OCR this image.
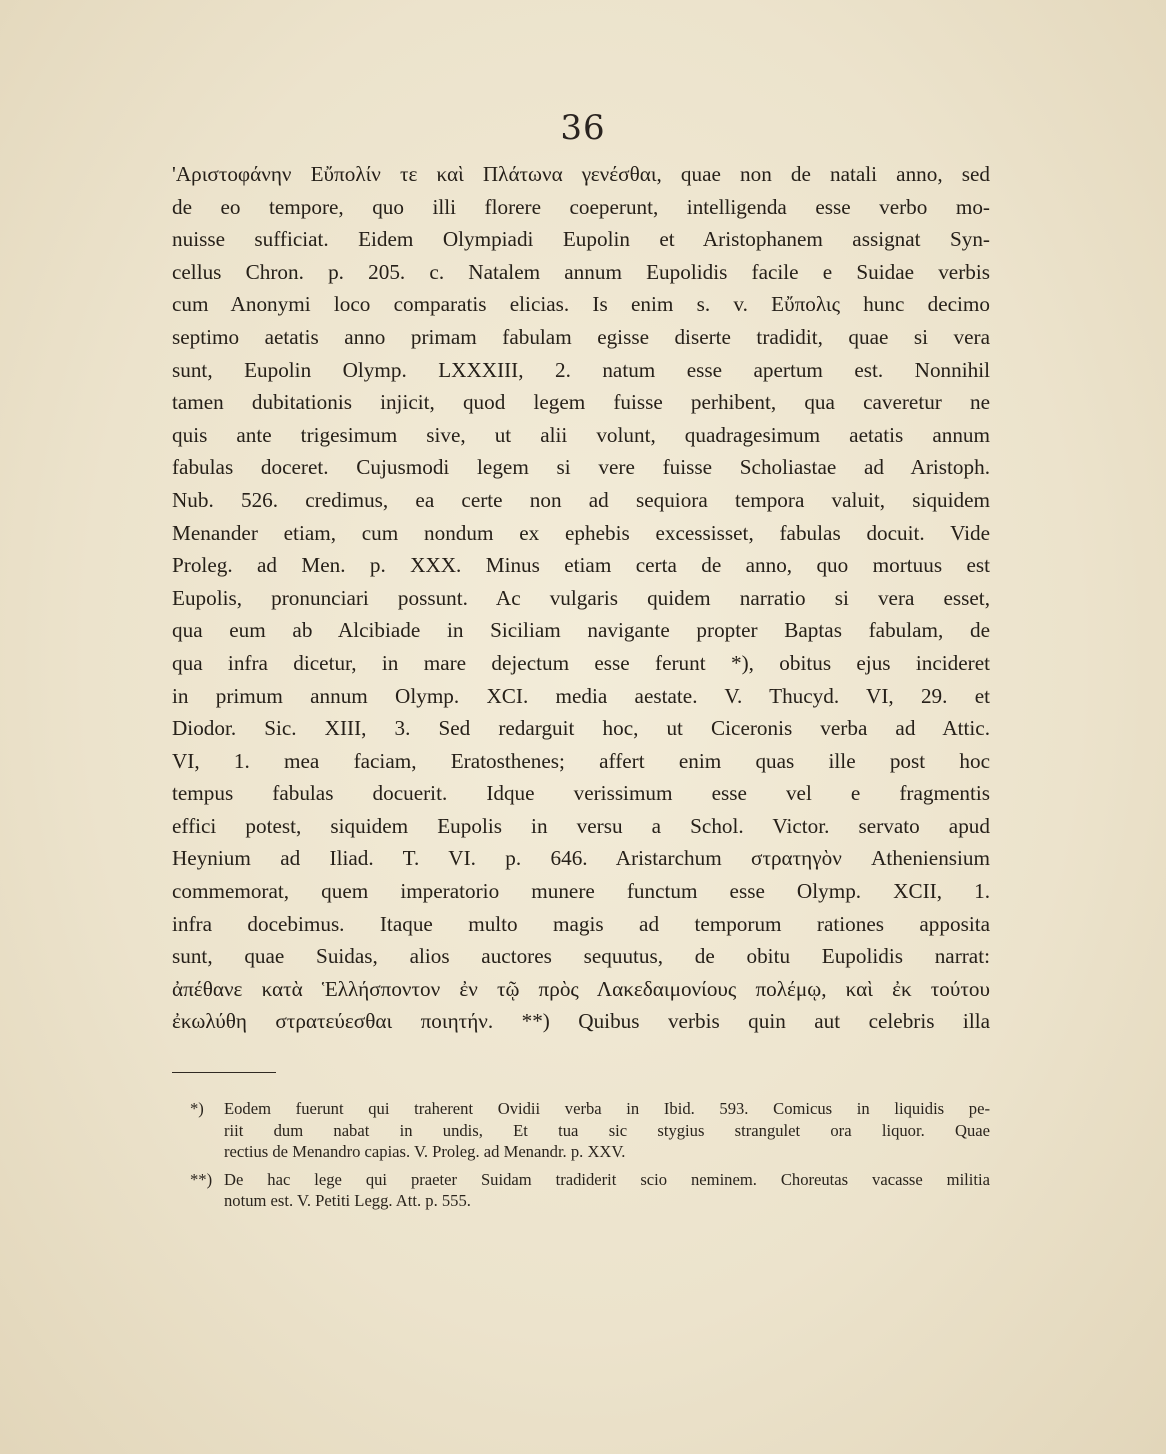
36
'Αριστοφάνην Εὔπολίν τε καὶ Πλάτωνα γενέσθαι, quae non de natali anno, sed
de eo tempore, quo illi florere coeperunt, intelligenda esse verbo mo-
nuisse sufficiat. Eidem Olympiadi Eupolin et Aristophanem assignat Syn-
cellus Chron. p. 205. c. Natalem annum Eupolidis facile e Suidae verbis
cum Anonymi loco comparatis elicias. Is enim s. v. Εὔπολις hunc decimo
septimo aetatis anno primam fabulam egisse diserte tradidit, quae si vera
sunt, Eupolin Olymp. LXXXIII, 2. natum esse apertum est. Nonnihil
tamen dubitationis injicit, quod legem fuisse perhibent, qua caveretur ne
quis ante trigesimum sive, ut alii volunt, quadragesimum aetatis annum
fabulas doceret. Cujusmodi legem si vere fuisse Scholiastae ad Aristoph.
Nub. 526. credimus, ea certe non ad sequiora tempora valuit, siquidem
Menander etiam, cum nondum ex ephebis excessisset, fabulas docuit. Vide
Proleg. ad Men. p. XXX. Minus etiam certa de anno, quo mortuus est
Eupolis, pronunciari possunt. Ac vulgaris quidem narratio si vera esset,
qua eum ab Alcibiade in Siciliam navigante propter Baptas fabulam, de
qua infra dicetur, in mare dejectum esse ferunt *), obitus ejus incideret
in primum annum Olymp. XCI. media aestate. V. Thucyd. VI, 29. et
Diodor. Sic. XIII, 3. Sed redarguit hoc, ut Ciceronis verba ad Attic.
VI, 1. mea faciam, Eratosthenes; affert enim quas ille post hoc
tempus fabulas docuerit. Idque verissimum esse vel e fragmentis
effici potest, siquidem Eupolis in versu a Schol. Victor. servato apud
Heynium ad Iliad. T. VI. p. 646. Aristarchum στρατηγὸν Atheniensium
commemorat, quem imperatorio munere functum esse Olymp. XCII, 1.
infra docebimus. Itaque multo magis ad temporum rationes apposita
sunt, quae Suidas, alios auctores sequutus, de obitu Eupolidis narrat:
ἀπέθανε κατὰ Ἑλλήσποντον ἐν τῷ πρὸς Λακεδαιμονίους πολέμῳ, καὶ ἐκ τούτου
ἐκωλύθη στρατεύεσθαι ποιητήν. **) Quibus verbis quin aut celebris illa
*) Eodem fuerunt qui traherent Ovidii verba in Ibid. 593. Comicus in liquidis pe-
riit dum nabat in undis, Et tua sic stygius strangulet ora liquor. Quae
rectius de Menandro capias. V. Proleg. ad Menandr. p. XXV.
**) De hac lege qui praeter Suidam tradiderit scio neminem. Choreutas vacasse militia
notum est. V. Petiti Legg. Att. p. 555.
